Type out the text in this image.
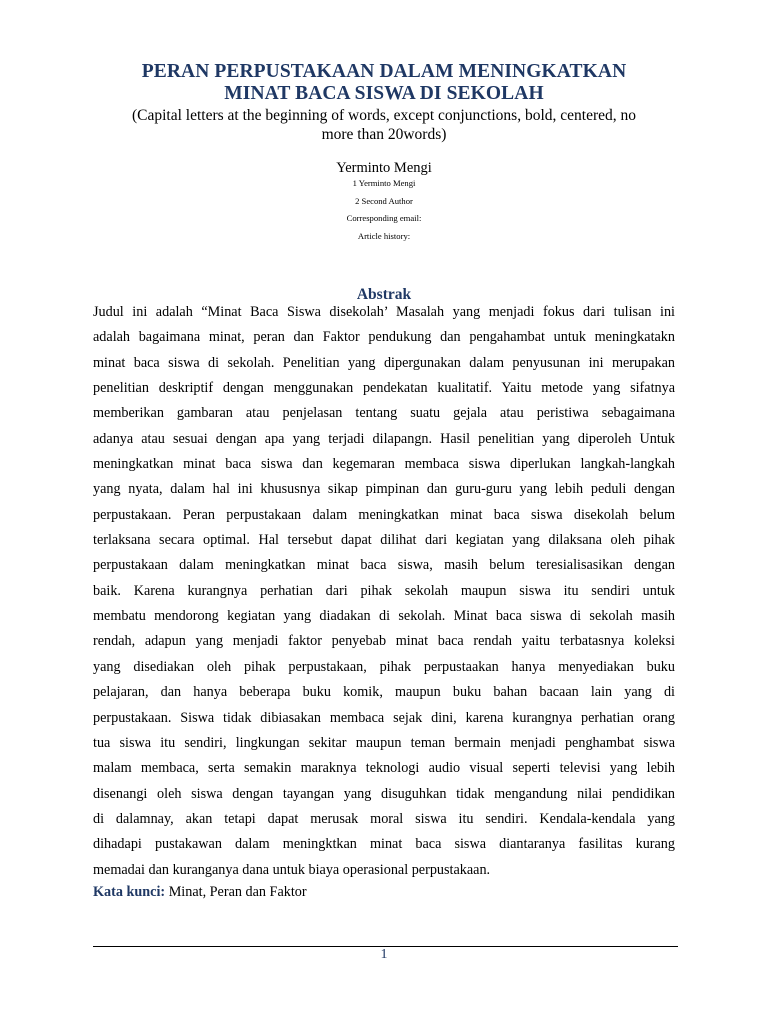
PERAN PERPUSTAKAAN DALAM MENINGKATKAN
MINAT BACA SISWA DI SEKOLAH
(Capital letters at the beginning of words, except conjunctions, bold, centered, no
more than 20words)
Yerminto Mengi
1 Yerminto Mengi
2 Second Author
Corresponding email:
Article history:
Abstrak
Judul ini adalah “Minat Baca Siswa disekolah’ Masalah yang menjadi fokus dari tulisan ini
adalah bagaimana minat, peran dan Faktor pendukung dan pengahambat untuk meningkatakn
minat baca siswa di sekolah. Penelitian yang dipergunakan dalam penyusunan ini merupakan
penelitian deskriptif dengan menggunakan pendekatan kualitatif. Yaitu metode yang sifatnya
memberikan gambaran atau penjelasan tentang suatu gejala atau peristiwa sebagaimana
adanya atau sesuai dengan apa yang terjadi dilapangn. Hasil penelitian yang diperoleh Untuk
meningkatkan minat baca siswa dan kegemaran membaca siswa diperlukan langkah-langkah
yang nyata, dalam hal ini khususnya sikap pimpinan dan guru-guru yang lebih peduli dengan
perpustakaan. Peran perpustakaan dalam meningkatkan minat baca siswa disekolah belum
terlaksana secara optimal. Hal tersebut dapat dilihat dari kegiatan yang dilaksana oleh pihak
perpustakaan dalam meningkatkan minat baca siswa, masih belum teresialisasikan dengan
baik. Karena kurangnya perhatian dari pihak sekolah maupun siswa itu sendiri untuk
membatu mendorong kegiatan yang diadakan di sekolah. Minat baca siswa di sekolah masih
rendah, adapun yang menjadi faktor penyebab minat baca rendah yaitu terbatasnya koleksi
yang disediakan oleh pihak perpustakaan, pihak perpustaakan hanya menyediakan buku
pelajaran, dan hanya beberapa buku komik, maupun buku bahan bacaan lain yang di
perpustakaan. Siswa tidak dibiasakan membaca sejak dini, karena kurangnya perhatian orang
tua siswa itu sendiri, lingkungan sekitar maupun teman bermain menjadi penghambat siswa
malam membaca, serta semakin maraknya teknologi audio visual seperti televisi yang lebih
disenangi oleh siswa dengan tayangan yang disuguhkan tidak mengandung nilai pendidikan
di dalamnay, akan tetapi dapat merusak moral siswa itu sendiri. Kendala-kendala yang
dihadapi pustakawan dalam meningktkan minat baca siswa diantaranya fasilitas kurang
memadai dan kuranganya dana untuk biaya operasional perpustakaan.
Kata kunci: Minat, Peran dan Faktor
1
